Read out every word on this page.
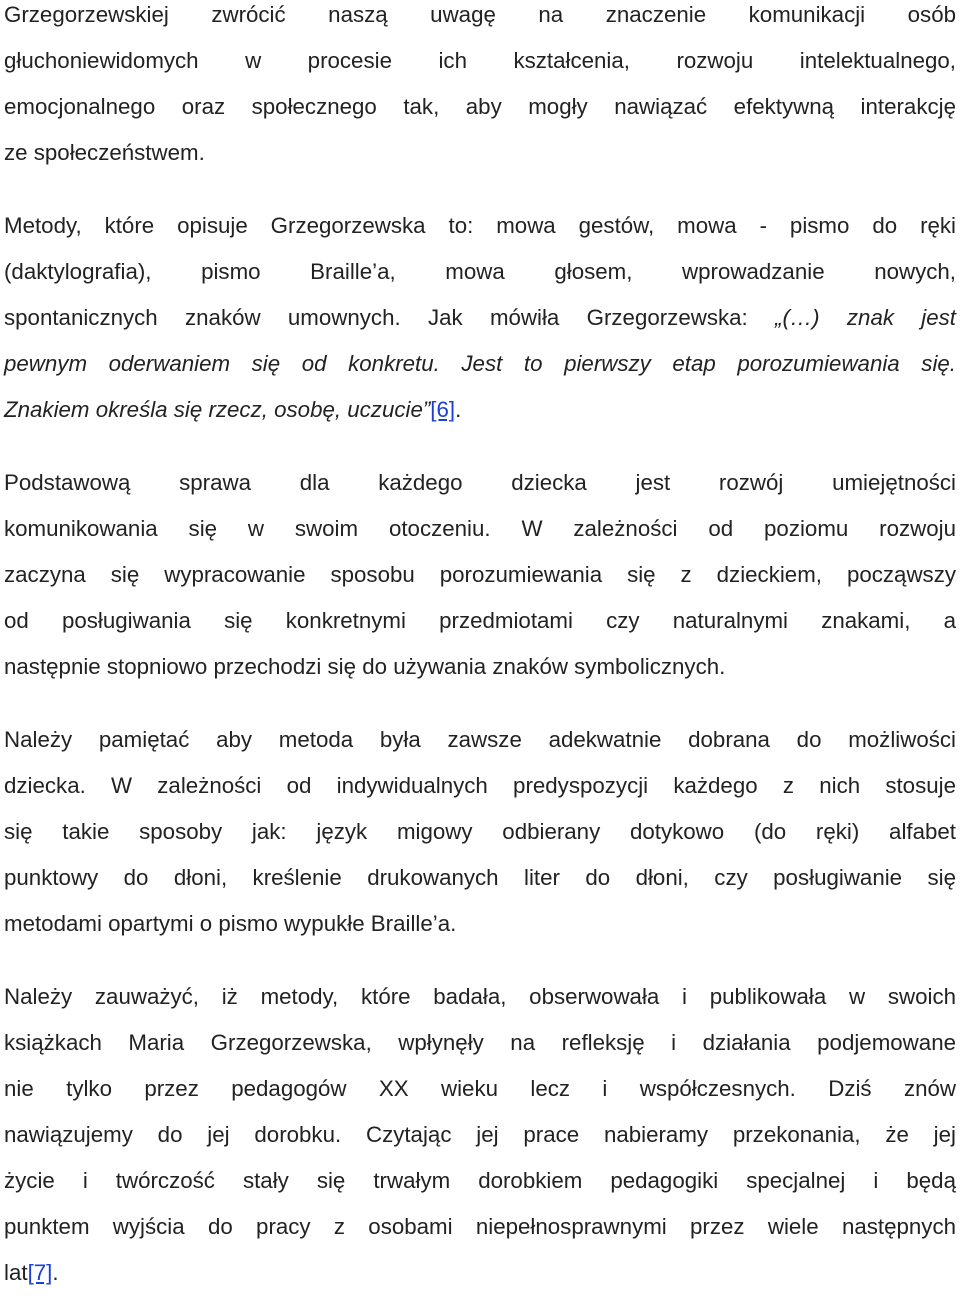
Grzegorzewskiej zwrócić naszą uwagę na znaczenie komunikacji osób
głuchoniewidomych w procesie ich kształcenia, rozwoju intelektualnego,
emocjonalnego oraz społecznego tak, aby mogły nawiązać efektywną interakcję
ze społeczeństwem.
Metody, które opisuje Grzegorzewska to: mowa gestów, mowa - pismo do ręki
(daktylografia), pismo Braille’a, mowa głosem, wprowadzanie nowych,
spontanicznych znaków umownych. Jak mówiła Grzegorzewska: „(…) znak jest
pewnym oderwaniem się od konkretu. Jest to pierwszy etap porozumiewania się.
Znakiem określa się rzecz, osobę, uczucie”[6].
Podstawową sprawa dla każdego dziecka jest rozwój umiejętności
komunikowania się w swoim otoczeniu. W zależności od poziomu rozwoju
zaczyna się wypracowanie sposobu porozumiewania się z dzieckiem, począwszy
od posługiwania się konkretnymi przedmiotami czy naturalnymi znakami, a
następnie stopniowo przechodzi się do używania znaków symbolicznych.
Należy pamiętać aby metoda była zawsze adekwatnie dobrana do możliwości
dziecka. W zależności od indywidualnych predyspozycji każdego z nich stosuje
się takie sposoby jak: język migowy odbierany dotykowo (do ręki) alfabet
punktowy do dłoni, kreślenie drukowanych liter do dłoni, czy posługiwanie się
metodami opartymi o pismo wypukłe Braille’a.
Należy zauważyć, iż metody, które badała, obserwowała i publikowała w swoich
książkach Maria Grzegorzewska, wpłynęły na refleksję i działania podjemowane
nie tylko przez pedagogów XX wieku lecz i współczesnych. Dziś znów
nawiązujemy do jej dorobku. Czytając jej prace nabieramy przekonania, że jej
życie i twórczość stały się trwałym dorobkiem pedagogiki specjalnej i będą
punktem wyjścia do pracy z osobami niepełnosprawnymi przez wiele następnych
lat[7].
